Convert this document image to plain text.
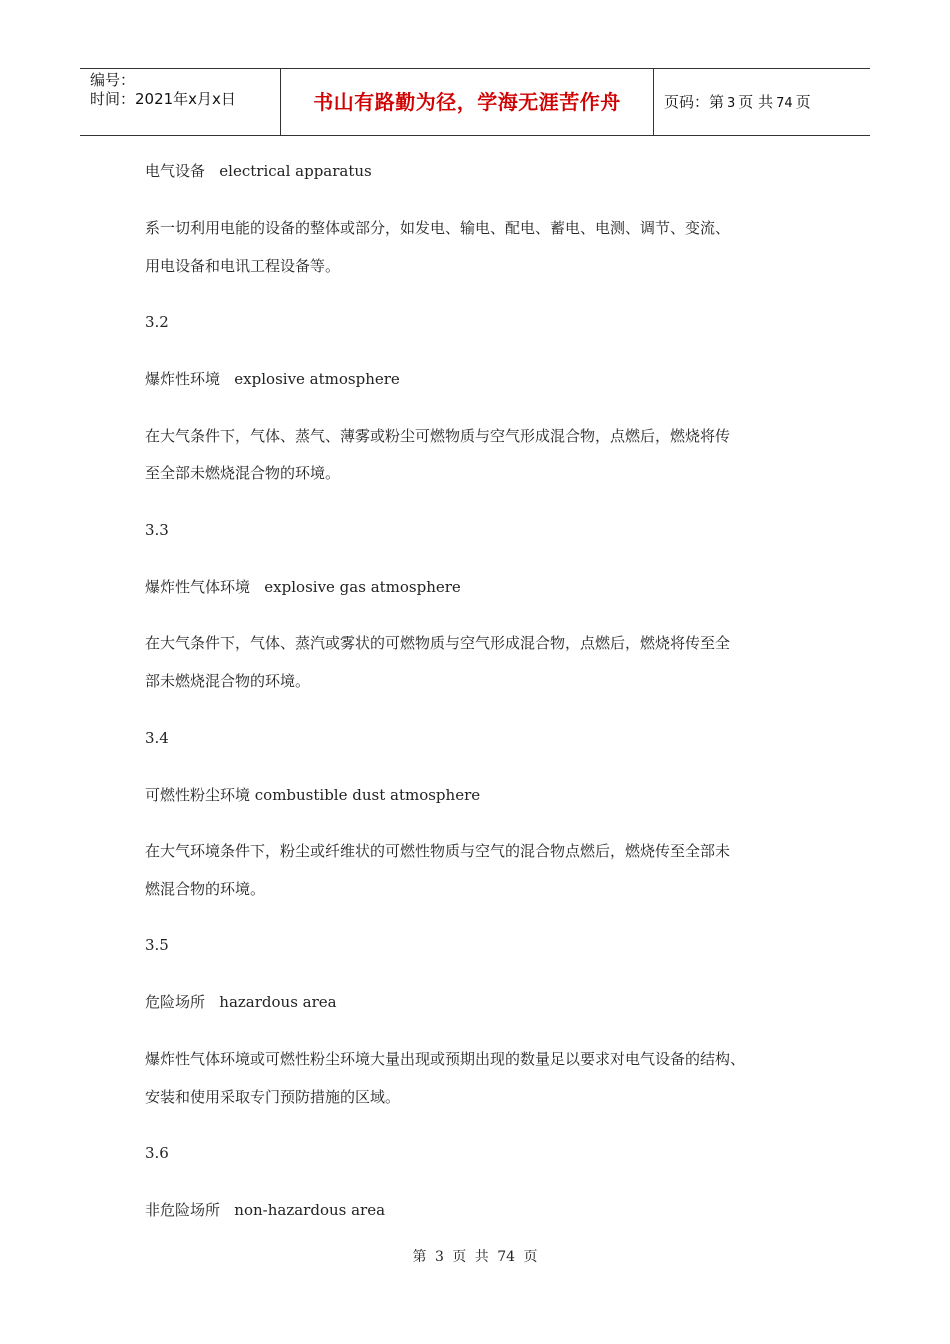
编号：
时间：2021年x月x日	书山有路勤为径，学海无涯苦作舟	页码：第 3 页 共 74 页
电气设备   electrical apparatus
系一切利用电能的设备的整体或部分，如发电、输电、配电、蓄电、电测、调节、变流、
用电设备和电讯工程设备等。
3.2
爆炸性环境   explosive atmosphere
在大气条件下，气体、蒸气、薄雾或粉尘可燃物质与空气形成混合物，点燃后，燃烧将传
至全部未燃烧混合物的环境。
3.3
爆炸性气体环境   explosive gas atmosphere
在大气条件下，气体、蒸汽或雾状的可燃物质与空气形成混合物，点燃后，燃烧将传至全
部未燃烧混合物的环境。
3.4
可燃性粉尘环境 combustible dust atmosphere
在大气环境条件下，粉尘或纤维状的可燃性物质与空气的混合物点燃后，燃烧传至全部未
燃混合物的环境。
3.5
危险场所   hazardous area
爆炸性气体环境或可燃性粉尘环境大量出现或预期出现的数量足以要求对电气设备的结构、
安装和使用采取专门预防措施的区域。
3.6
非危险场所   non-hazardous area
第 3 页 共 74 页
